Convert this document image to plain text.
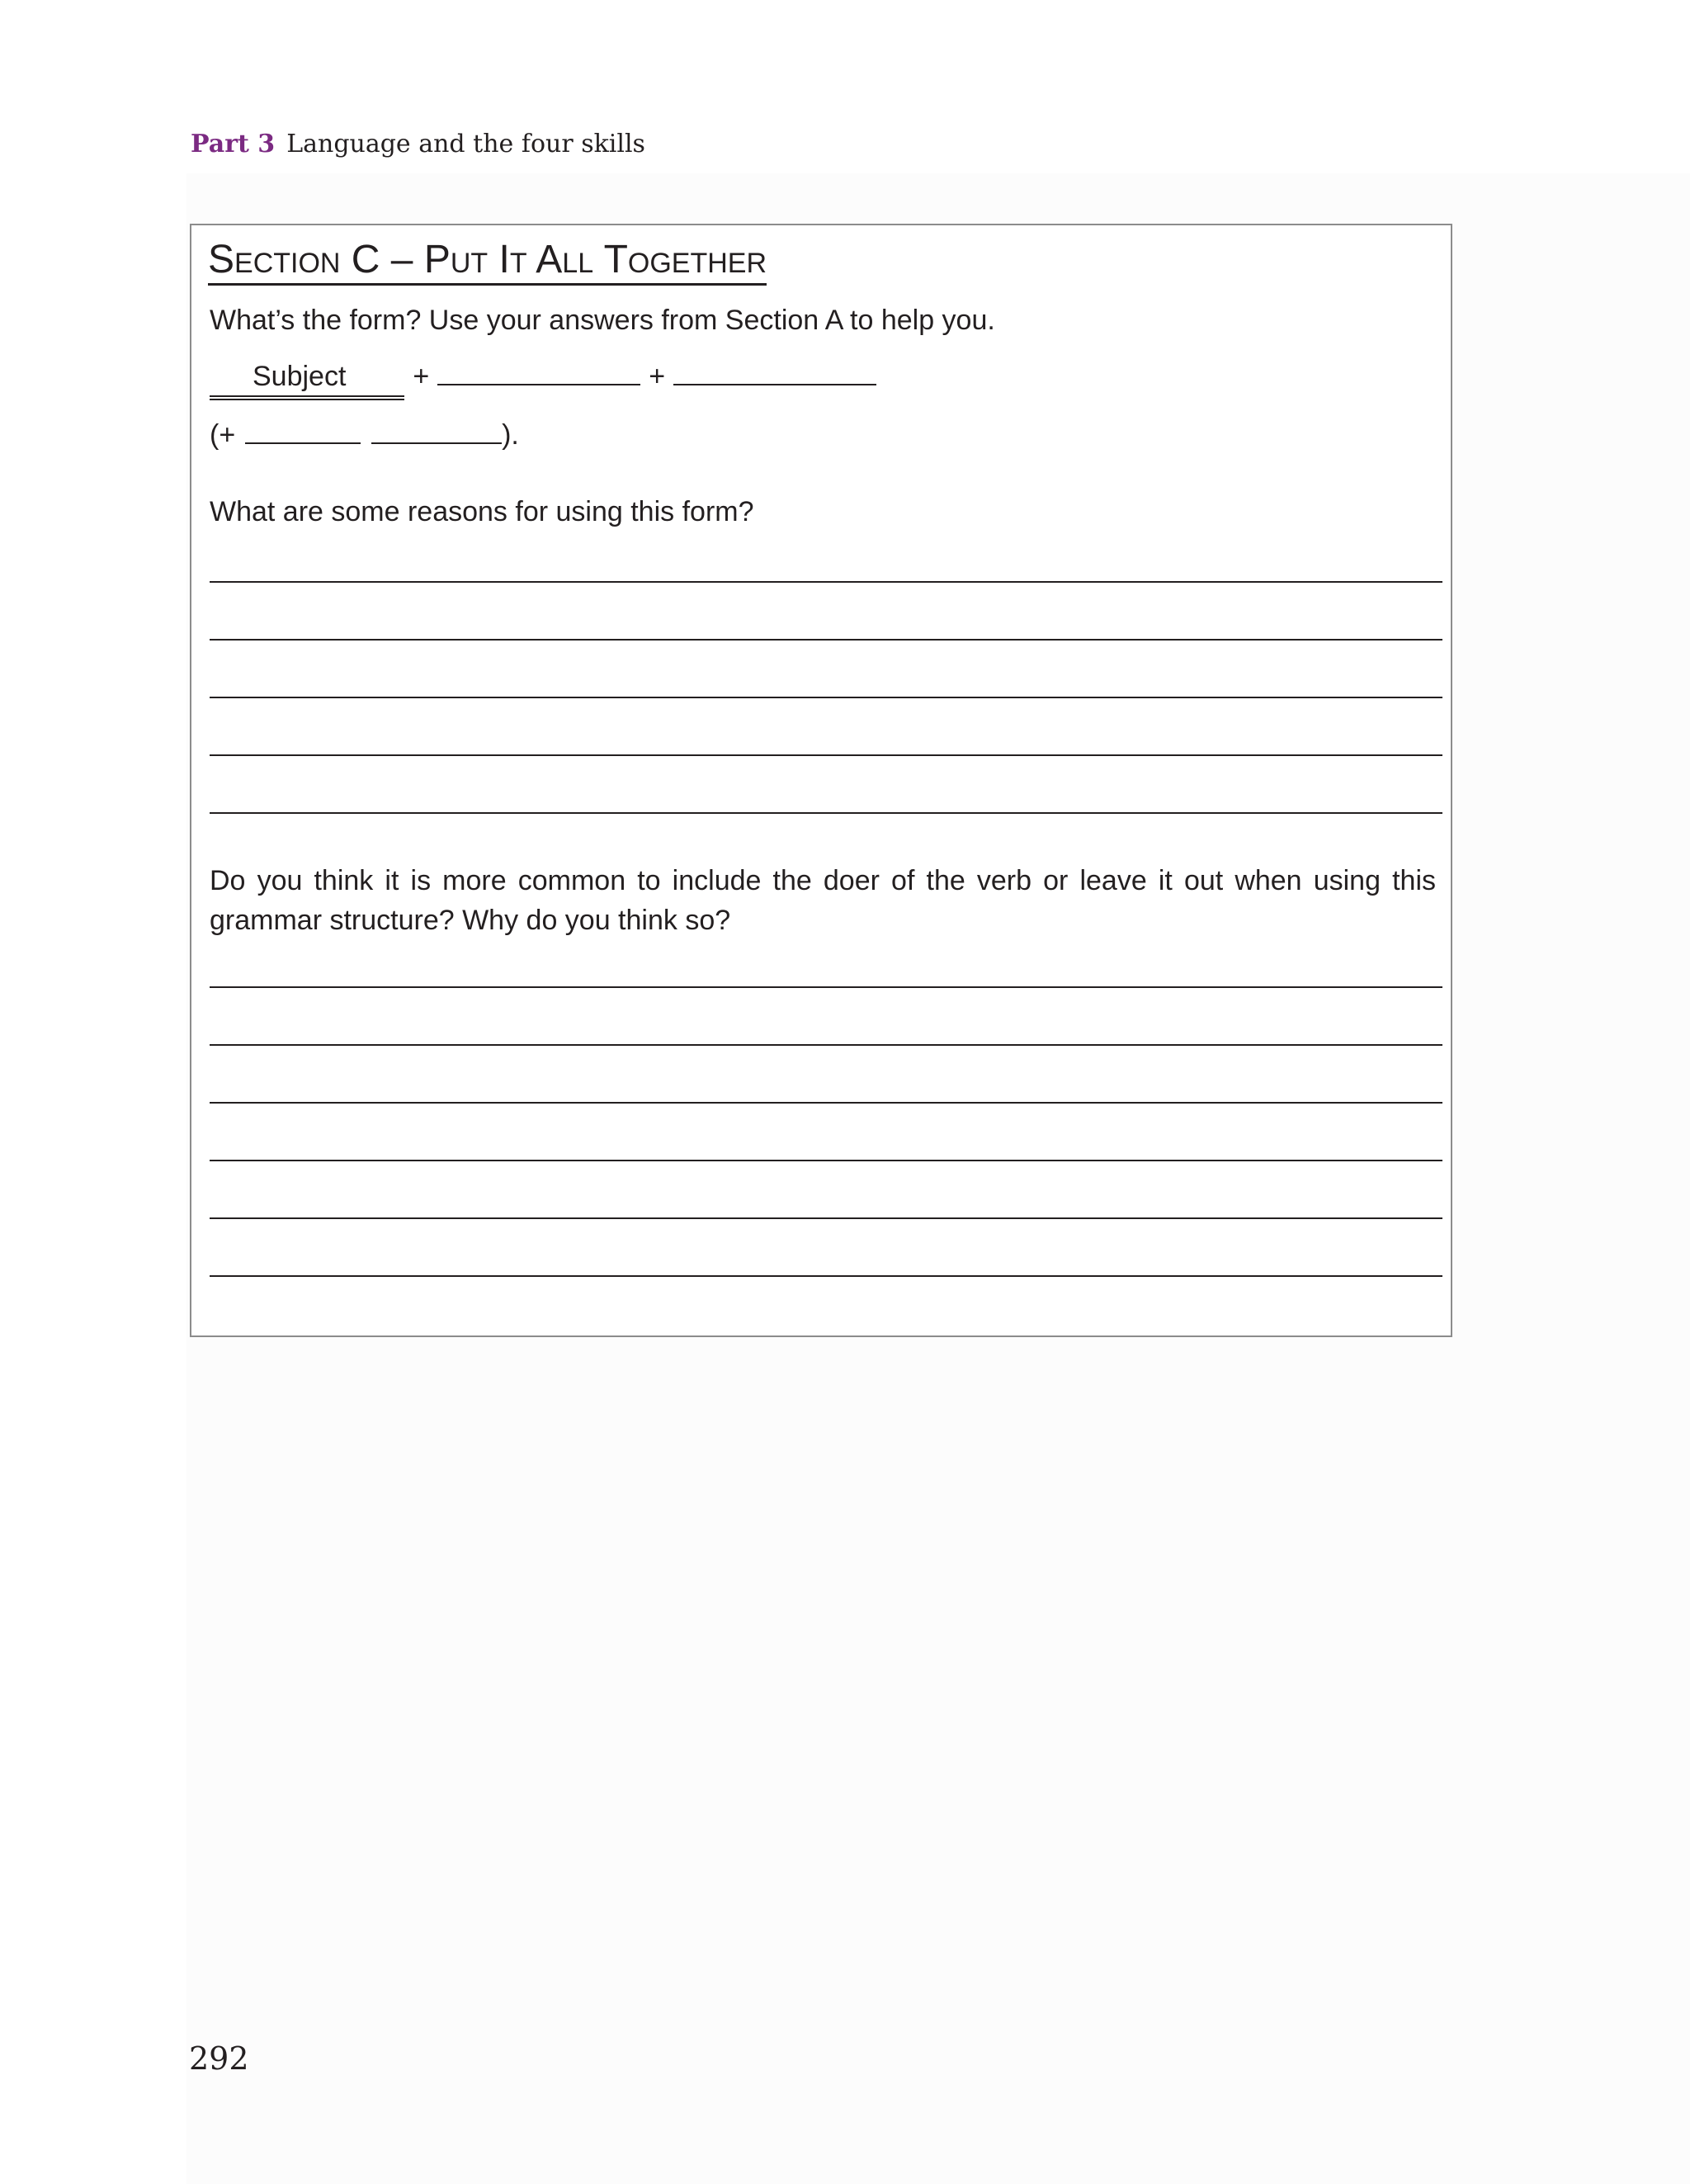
Part 3 Language and the four skills
Section C – Put It All Together
What’s the form? Use your answers from Section A to help you.
Subject +	+
(+	).
What are some reasons for using this form?
Do you think it is more common to include the doer of the verb or leave it out when using this grammar structure? Why do you think so?
292
